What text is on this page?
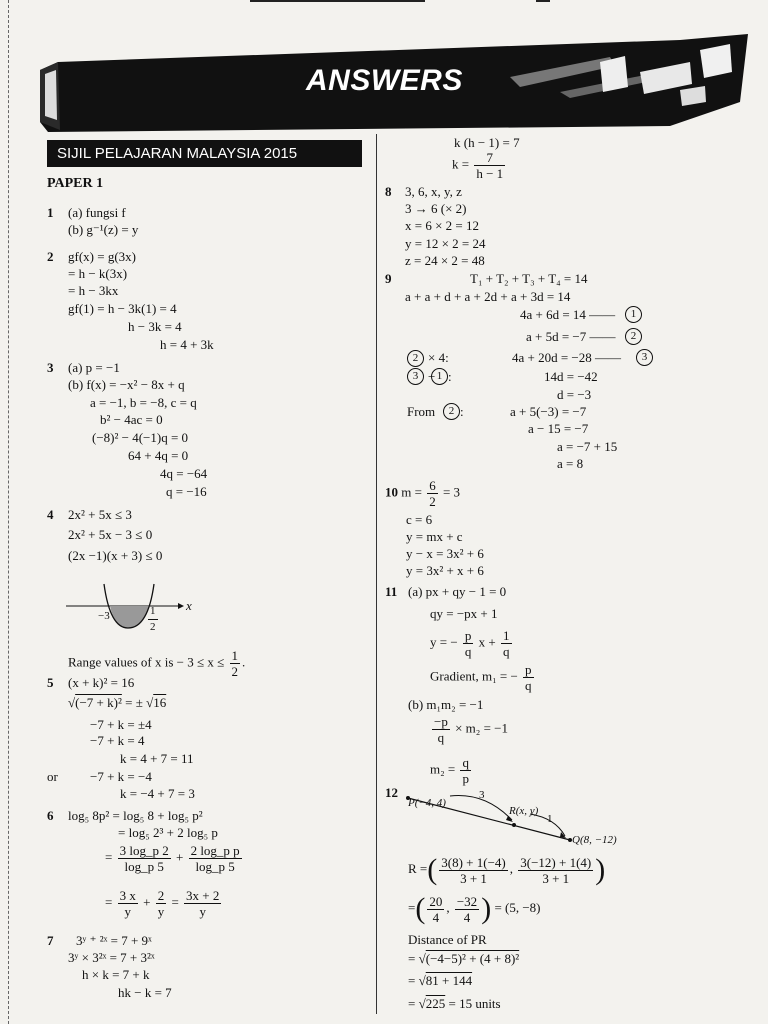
ANSWERS
SIJIL PELAJARAN MALAYSIA 2015
PAPER 1
1 (a) fungsi f
(b) g⁻¹(z) = y
2 gf(x) = g(3x)
= h − k(3x)
= h − 3kx
gf(1) = h − 3k(1) = 4
h − 3k = 4
h = 4 + 3k
3 (a) p = −1
(b) f(x) = −x² − 8x + q
a = −1, b = −8, c = q
b² − 4ac = 0
(−8)² − 4(−1)q = 0
64 + 4q = 0
4q = −64
q = −16
4 2x² + 5x ≤ 3
2x² + 5x − 3 ≤ 0
(2x −1)(x + 3) ≤ 0
5 (x + k)² = 16
−7 + k = ±4
−7 + k = 4
k = 4 + 7 = 11
or −7 + k = −4
k = −4 + 7 = 3
6 log₅ 8p² = log₅ 8 + log₅ p²
= log₅ 2³ + 2 log₅ p
7 3ʸ ⁺ ²ˣ = 7 + 9ˣ
3ʸ × 3²ˣ = 7 + 3²ˣ
h × k = 7 + k
hk − k = 7
k (h − 1) = 7
8 3, 6, x, y, z
3 → 6 (× 2)
x = 6 × 2 = 12
y = 12 × 2 = 24
z = 24 × 2 = 48
9	T₁ + T₂ + T₃ + T₄ = 14
a + a + d + a + 2d + a + 3d = 14
4a + 6d = 14 ——
a + 5d = −7 ——
× 4:	4a + 20d = −28 ——
− :	14d = −42
d = −3
From :	a + 5(−3) = −7
a − 15 = −7
a = −7 + 15
a = 8
c = 6
y = mx + c
y − x = 3x² + 6
y = 3x² + x + 6
11 (a) px + qy − 1 = 0
qy = −px + 1
(b) m₁m₂ = −1
12
Distance of PR
x
−3	$\frac{1}{2}$
Range values of x is − $3 \le x \le \frac{1}{2}$ .
√(−7 + k)² = ± √16
= $\frac{3 \log\_p 2}{\log\_p 5} + \frac{\text{2 log\_p p}}{\log\_p 5}$
= $\frac{3 x}{y} + \frac{2}{y} = \frac{3x + 2}{y}$
$k = \frac{7}{h - 1}$
10 $m = \frac{6}{2} = 3$
y = − $\frac{p}{q}$ $x + \frac{1}{q}$
Gradient, m₁ = − $\frac{p}{q}$
$\frac{-p}{q} \times m_2 = -1$
$m_2 = \frac{q}{p}$
1
2
3
2
3	1
2
P(−4, 4)
R(x, y)
Q(8, −12)
3
1
R =( $\frac{3(8) + 1(-4)}{3 + 1}$ , $\frac{3(-12) + 1(4)}{3 + 1}$ )
=( $\frac{20}{4}$ , $\frac{-32}{4}$ ) = (5, −8)
= √(−4−5)² + (4 + 8)²
= √81 + 144
= √225 = 15 units
